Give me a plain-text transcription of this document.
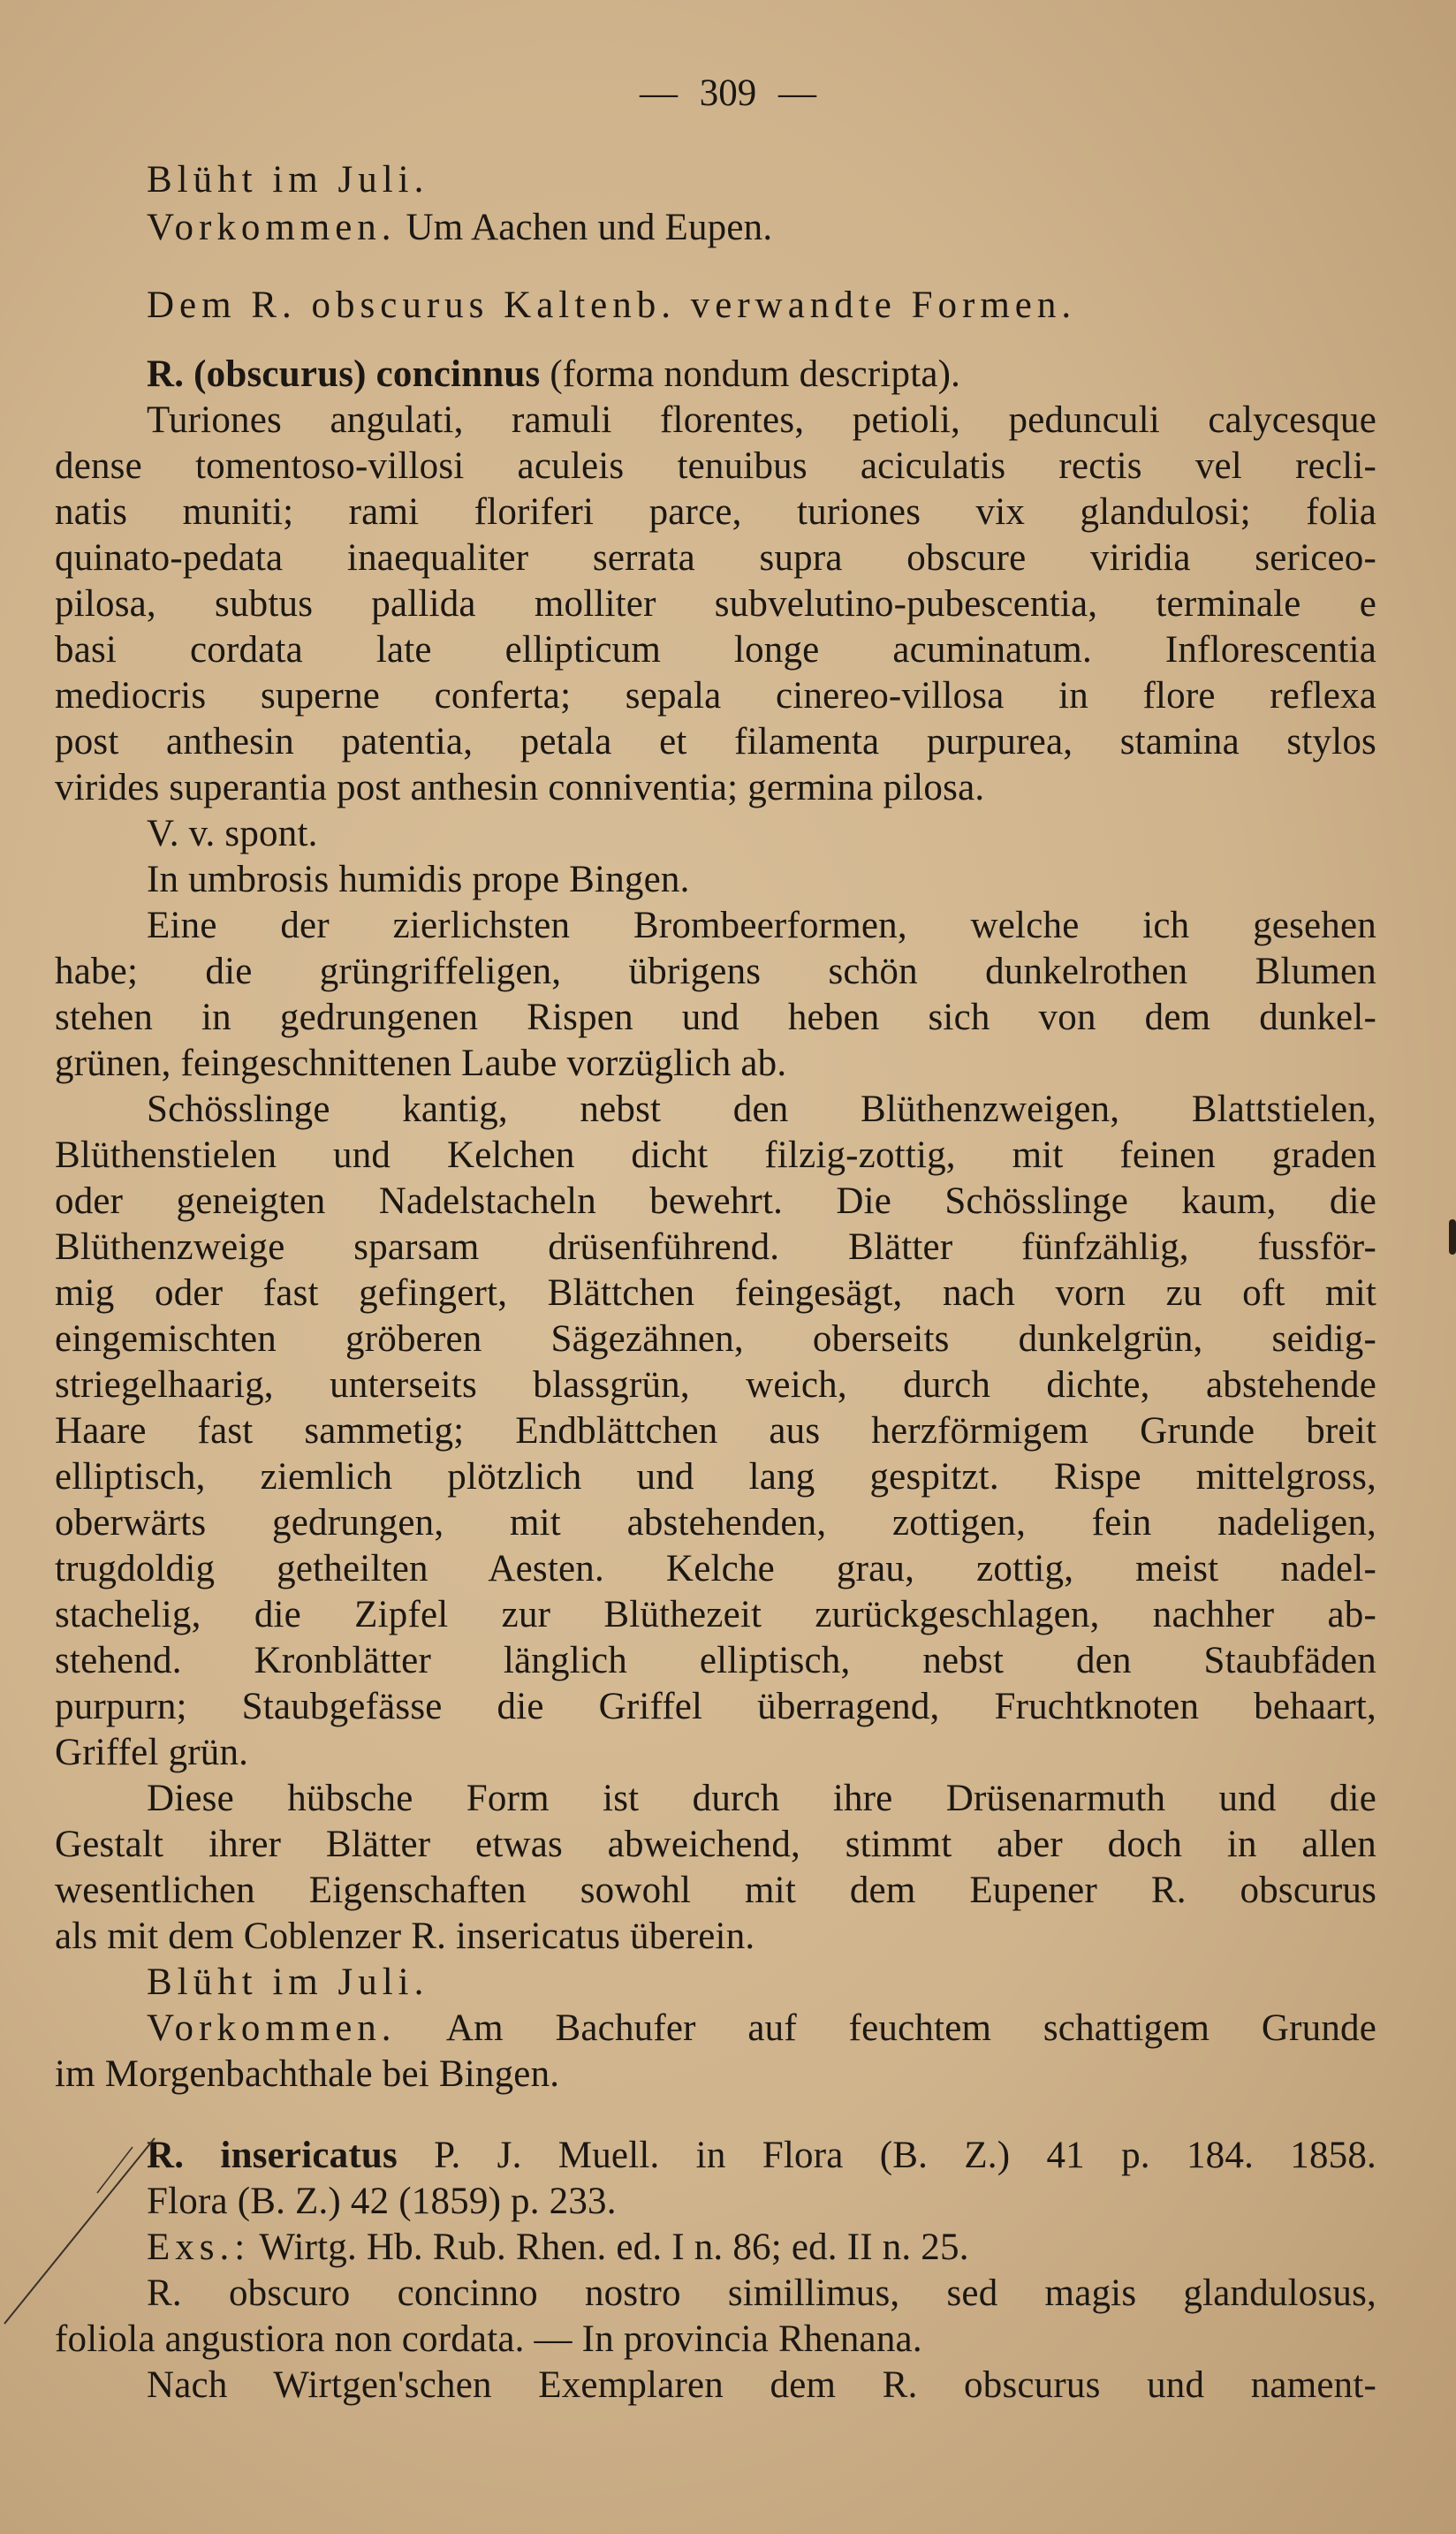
— 309 —
Blüht im Juli.
Vorkommen. Um Aachen und Eupen.
Dem R. obscurus Kaltenb. verwandte Formen.
R. (obscurus) concinnus (forma nondum descripta).
Turiones angulati, ramuli florentes, petioli, pedunculi calycesque
dense tomentoso-villosi aculeis tenuibus aciculatis rectis vel recli-
natis muniti; rami floriferi parce, turiones vix glandulosi; folia
quinato-pedata inaequaliter serrata supra obscure viridia sericeo-
pilosa, subtus pallida molliter subvelutino-pubescentia, terminale e
basi cordata late ellipticum longe acuminatum. Inflorescentia
mediocris superne conferta; sepala cinereo-villosa in flore reflexa
post anthesin patentia, petala et filamenta purpurea, stamina stylos
virides superantia post anthesin conniventia; germina pilosa.
V. v. spont.
In umbrosis humidis prope Bingen.
Eine der zierlichsten Brombeerformen, welche ich gesehen
habe; die grüngriffeligen, übrigens schön dunkelrothen Blumen
stehen in gedrungenen Rispen und heben sich von dem dunkel-
grünen, feingeschnittenen Laube vorzüglich ab.
Schösslinge kantig, nebst den Blüthenzweigen, Blattstielen,
Blüthenstielen und Kelchen dicht filzig-zottig, mit feinen graden
oder geneigten Nadelstacheln bewehrt. Die Schösslinge kaum, die
Blüthenzweige sparsam drüsenführend. Blätter fünfzählig, fussför-
mig oder fast gefingert, Blättchen feingesägt, nach vorn zu oft mit
eingemischten gröberen Sägezähnen, oberseits dunkelgrün, seidig-
striegelhaarig, unterseits blassgrün, weich, durch dichte, abstehende
Haare fast sammetig; Endblättchen aus herzförmigem Grunde breit
elliptisch, ziemlich plötzlich und lang gespitzt. Rispe mittelgross,
oberwärts gedrungen, mit abstehenden, zottigen, fein nadeligen,
trugdoldig getheilten Aesten. Kelche grau, zottig, meist nadel-
stachelig, die Zipfel zur Blüthezeit zurückgeschlagen, nachher ab-
stehend. Kronblätter länglich elliptisch, nebst den Staubfäden
purpurn; Staubgefässe die Griffel überragend, Fruchtknoten behaart,
Griffel grün.
Diese hübsche Form ist durch ihre Drüsenarmuth und die
Gestalt ihrer Blätter etwas abweichend, stimmt aber doch in allen
wesentlichen Eigenschaften sowohl mit dem Eupener R. obscurus
als mit dem Coblenzer R. insericatus überein.
Blüht im Juli.
Vorkommen. Am Bachufer auf feuchtem schattigem Grunde
im Morgenbachthale bei Bingen.
R. insericatus P. J. Muell. in Flora (B. Z.) 41 p. 184. 1858.
Flora (B. Z.) 42 (1859) p. 233.
Exs.: Wirtg. Hb. Rub. Rhen. ed. I n. 86; ed. II n. 25.
R. obscuro concinno nostro simillimus, sed magis glandulosus,
foliola angustiora non cordata. — In provincia Rhenana.
Nach Wirtgen'schen Exemplaren dem R. obscurus und nament-
